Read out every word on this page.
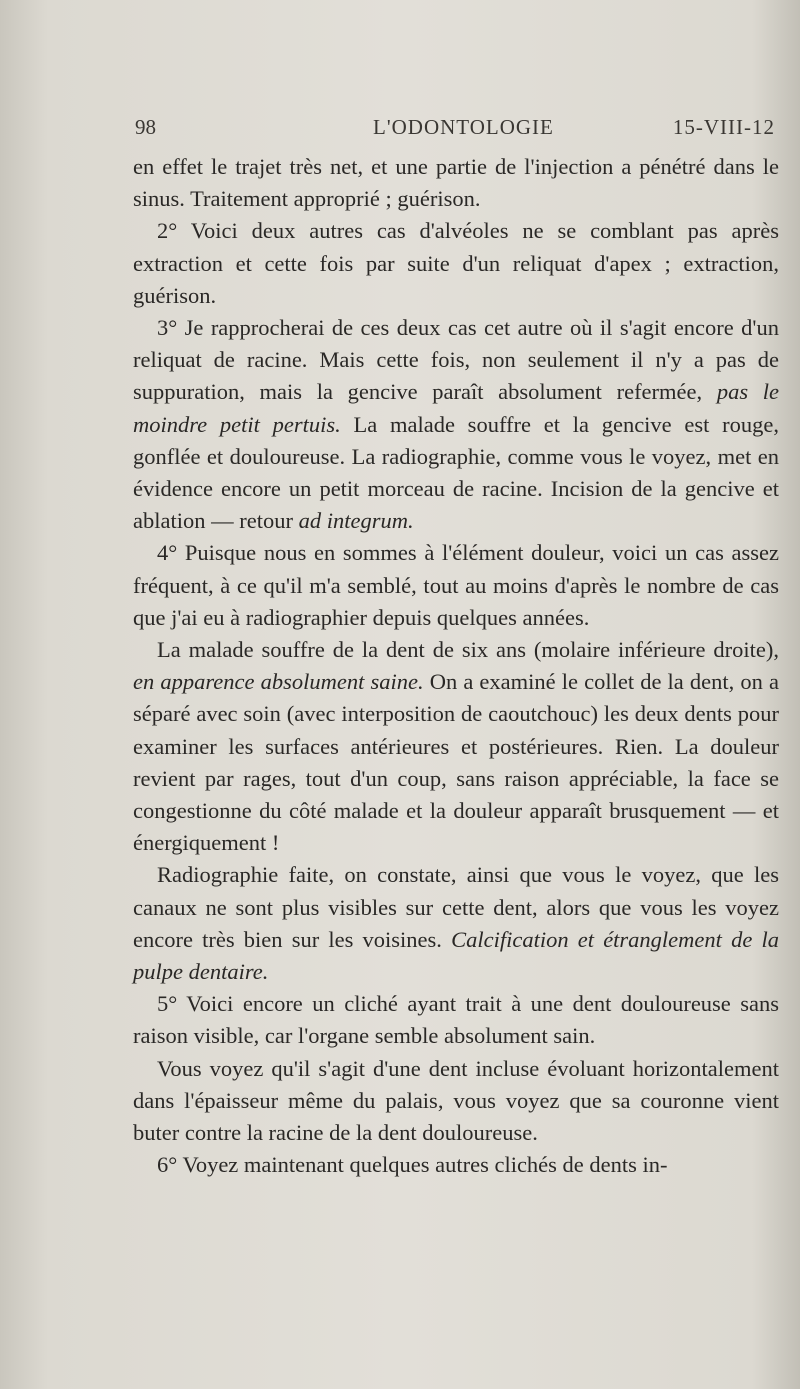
98	L'ODONTOLOGIE	15-VIII-12

en effet le trajet très net, et une partie de l'injection a pénétré dans le sinus. Traitement approprié ; guérison.

2° Voici deux autres cas d'alvéoles ne se comblant pas après extraction et cette fois par suite d'un reliquat d'apex ; extraction, guérison.

3° Je rapprocherai de ces deux cas cet autre où il s'agit encore d'un reliquat de racine. Mais cette fois, non seulement il n'y a pas de suppuration, mais la gencive paraît absolument refermée, pas le moindre petit pertuis. La malade souffre et la gencive est rouge, gonflée et douloureuse. La radiographie, comme vous le voyez, met en évidence encore un petit morceau de racine. Incision de la gencive et ablation — retour ad integrum.

4° Puisque nous en sommes à l'élément douleur, voici un cas assez fréquent, à ce qu'il m'a semblé, tout au moins d'après le nombre de cas que j'ai eu à radiographier depuis quelques années.

La malade souffre de la dent de six ans (molaire inférieure droite), en apparence absolument saine. On a examiné le collet de la dent, on a séparé avec soin (avec interposition de caoutchouc) les deux dents pour examiner les surfaces antérieures et postérieures. Rien. La douleur revient par rages, tout d'un coup, sans raison appréciable, la face se congestionne du côté malade et la douleur apparaît brusquement — et énergiquement !

Radiographie faite, on constate, ainsi que vous le voyez, que les canaux ne sont plus visibles sur cette dent, alors que vous les voyez encore très bien sur les voisines. Calcification et étranglement de la pulpe dentaire.

5° Voici encore un cliché ayant trait à une dent douloureuse sans raison visible, car l'organe semble absolument sain.

Vous voyez qu'il s'agit d'une dent incluse évoluant horizontalement dans l'épaisseur même du palais, vous voyez que sa couronne vient buter contre la racine de la dent douloureuse.

6° Voyez maintenant quelques autres clichés de dents in-
